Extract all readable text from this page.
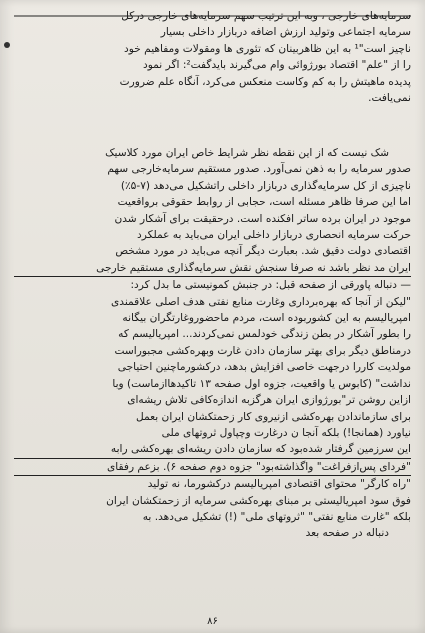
سرمایه‌های خارجی ، وبه این ترتیب سهم سرمایه‌های خارجی درکل
سرمایه اجتماعی وتولید ارزش اضافه دربازار داخلی بسیار
ناچیز است"¹ به این ظاهربینان که تئوری ها ومقولات ومفاهیم خود
را از "علم" اقتصاد بورژوائی وام می‌گیرند بایدگفت²: اگر نمود
پدیده ماهیتش را به کم وکاست منعکس می‌کرد، آنگاه علم ضرورت
نمی‌یافت.
شک نیست که از این نقطه نظر شرایط خاص ایران مورد کلاسیک
صدور سرمایه را به ذهن نمی‌آورد. صدور مستقیم سرمایه‌خارجی سهم
ناچیزی از کل سرمایه‌گذاری دربازار داخلی راتشکیل می‌دهد (۷-۵٪)
اما این صرفا ظاهر مسئله است، حجابی از روابط حقوقی برواقعیت
موجود در ایران برده ساتر افکنده است. درحقیقت برای آشکار شدن
حرکت سرمایه انحصاری دربازار داخلی ایران می‌باید به عملکرد
اقتصادی دولت دقیق شد. بعبارت دیگر آنچه می‌باید در مورد مشخص
ایران مد نظر باشد نه صرفا سنجش نقش سرمایه‌گذاری مستقیم خارجی
— دنباله پاورقی از صفحه قبل: در جنبش کمونیستی ما بدل کرد:
"لیکن از آنجا که بهره‌برداری وغارت منابع نفتی هدف اصلی علاقمندی
امپریالیسم به این کشوربوده است، مردم ماحضوروغارتگران بیگانه
را بطور آشکار در بطن زندگی خودلمس نمی‌کردند... امپریالیسم که
درمناطق دیگر برای بهتر سازمان دادن غارت وبهره‌کشی مجبوراست
مولدیت کاررا درجهت خاصی افزایش بدهد، درکشورماچنین احتیاجی
نداشت" (کابوس یا واقعیت، جزوه اول صفحه ۱۳ تاکیدهاازماست) وبا
ازاین روشن تر"بورژوازی ایران هرگزبه اندازه‌کافی تلاش ریشه‌ای
برای سازماندادن بهره‌کشی ازنیروی کار زحمتکشان ایران بعمل
نیاورد (همانجا!) بلکه آنجا ن درغارت وچپاول ثروتهای ملی
این سرزمین گرفتار شده‌بود که سازمان دادن ریشه‌ای بهره‌کشی رابه
"فردای پس‌ازفراغت" واگذاشته‌بود" جزوه دوم صفحه ۶). بزعم رفقای
"راه کارگر" محتوای اقتصادی امپریالیسم درکشورما، نه تولید
فوق سود امپریالیستی بر مبنای بهره‌کشی سرمایه از زحمتکشان ایران
بلکه "غارت منابع نفتی" "ثروتهای ملی" (!) تشکیل می‌دهد. به
دنباله در صفحه بعد
۸۶
